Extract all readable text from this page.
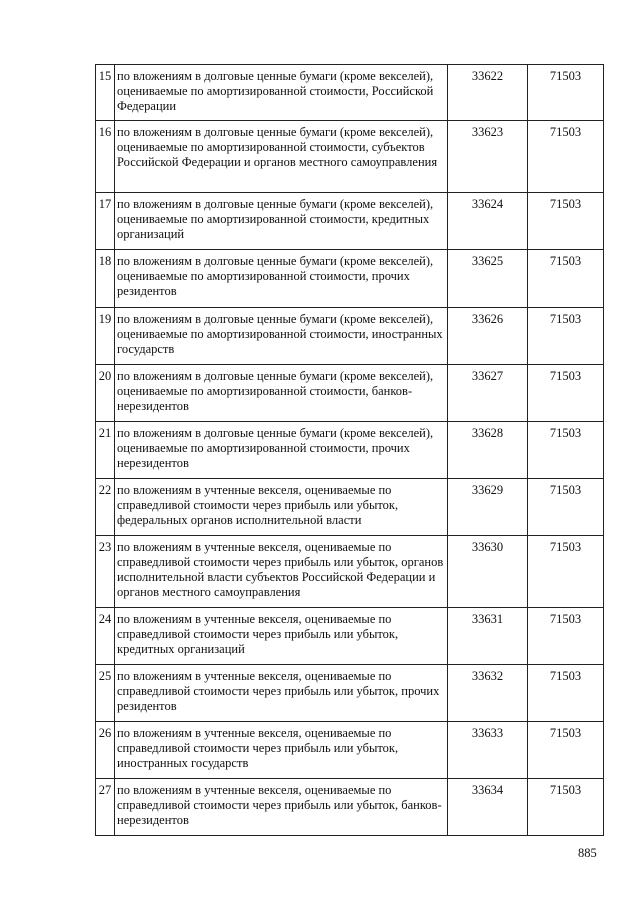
15	по вложениям в долговые ценные бумаги (кроме векселей), оцениваемые по амортизированной стоимости, Российской Федерации	33622	71503
16	по вложениям в долговые ценные бумаги (кроме векселей), оцениваемые по амортизированной стоимости, субъектов Российской Федерации и органов местного самоуправления	33623	71503
17	по вложениям в долговые ценные бумаги (кроме векселей), оцениваемые по амортизированной стоимости, кредитных организаций	33624	71503
18	по вложениям в долговые ценные бумаги (кроме векселей), оцениваемые по амортизированной стоимости, прочих резидентов	33625	71503
19	по вложениям в долговые ценные бумаги (кроме векселей), оцениваемые по амортизированной стоимости, иностранных государств	33626	71503
20	по вложениям в долговые ценные бумаги (кроме векселей), оцениваемые по амортизированной стоимости, банков-нерезидентов	33627	71503
21	по вложениям в долговые ценные бумаги (кроме векселей), оцениваемые по амортизированной стоимости, прочих нерезидентов	33628	71503
22	по вложениям в учтенные векселя, оцениваемые по справедливой стоимости через прибыль или убыток, федеральных органов исполнительной власти	33629	71503
23	по вложениям в учтенные векселя, оцениваемые по справедливой стоимости через прибыль или убыток, органов исполнительной власти субъектов Российской Федерации и органов местного самоуправления	33630	71503
24	по вложениям в учтенные векселя, оцениваемые по справедливой стоимости через прибыль или убыток, кредитных организаций	33631	71503
25	по вложениям в учтенные векселя, оцениваемые по справедливой стоимости через прибыль или убыток, прочих резидентов	33632	71503
26	по вложениям в учтенные векселя, оцениваемые по справедливой стоимости через прибыль или убыток, иностранных государств	33633	71503
27	по вложениям в учтенные векселя, оцениваемые по справедливой стоимости через прибыль или убыток, банков-нерезидентов	33634	71503
885
